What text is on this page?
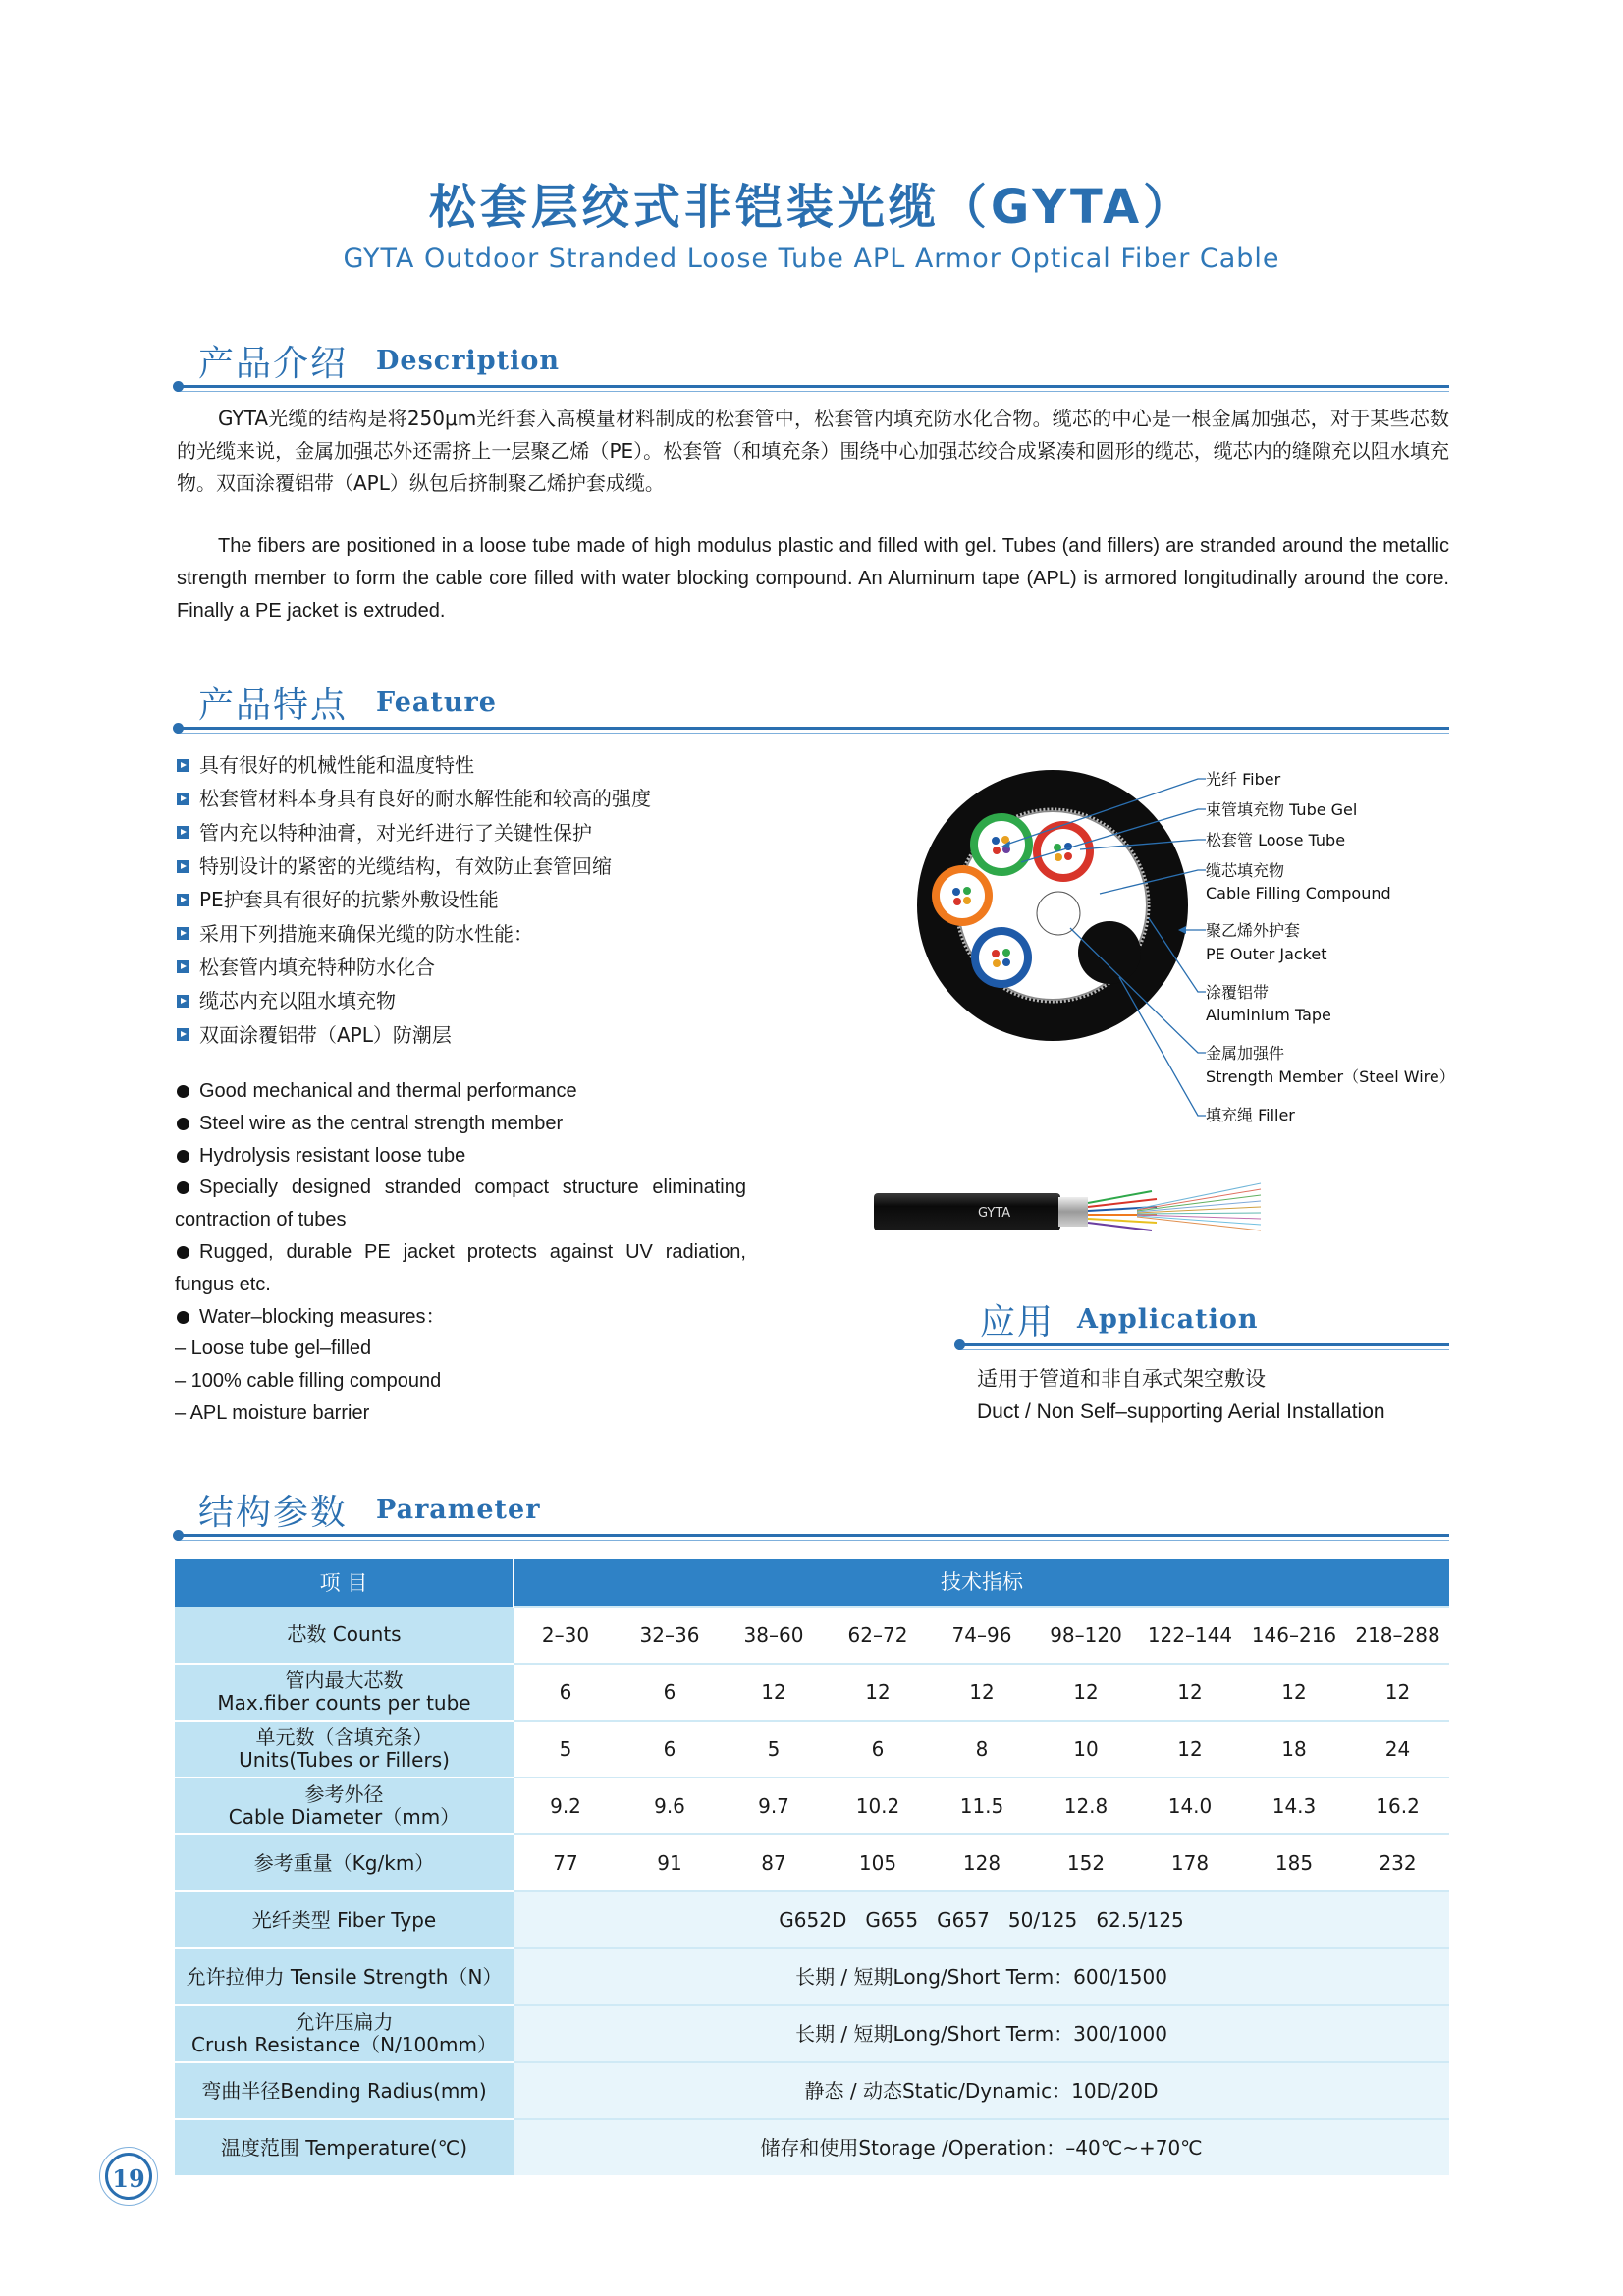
松套层绞式非铠装光缆（GYTA）
GYTA Outdoor Stranded Loose Tube APL Armor Optical Fiber Cable
产品介绍 Description
GYTA光缆的结构是将250μm光纤套入高模量材料制成的松套管中，松套管内填充防水化合物。缆芯的中心是一根金属加强芯，对于某些芯数的光缆来说，金属加强芯外还需挤上一层聚乙烯（PE）。松套管（和填充条）围绕中心加强芯绞合成紧凑和圆形的缆芯，缆芯内的缝隙充以阻水填充物。双面涂覆铝带（APL）纵包后挤制聚乙烯护套成缆。
The fibers are positioned in a loose tube made of high modulus plastic and filled with gel. Tubes (and fillers) are stranded around the metallic strength member to form the cable core filled with water blocking compound. An Aluminum tape (APL) is armored longitudinally around the core. Finally a PE jacket is extruded.
产品特点 Feature
具有很好的机械性能和温度特性
松套管材料本身具有良好的耐水解性能和较高的强度
管内充以特种油膏，对光纤进行了关键性保护
特别设计的紧密的光缆结构，有效防止套管回缩
PE护套具有很好的抗紫外敷设性能
采用下列措施来确保光缆的防水性能：
松套管内填充特种防水化合
缆芯内充以阻水填充物
双面涂覆铝带（APL）防潮层
Good mechanical and thermal performance
Steel wire as the central strength member
Hydrolysis resistant loose tube
Specially designed stranded compact structure eliminating contraction of tubes
Rugged, durable PE jacket protects against UV radiation, fungus etc.
Water–blocking measures：
– Loose tube gel–filled
– 100% cable filling compound
– APL moisture barrier
光纤 Fiber
束管填充物 Tube Gel
松套管 Loose Tube
缆芯填充物
Cable Filling Compound
聚乙烯外护套
PE Outer Jacket
涂覆铝带
Aluminium Tape
金属加强件
Strength Member（Steel Wire）
填充绳 Filler
GYTA
应用 Application
适用于管道和非自承式架空敷设
Duct / Non Self–supporting Aerial Installation
结构参数 Parameter
项 目	技术指标								
芯数 Counts	2–30	32–36	38–60	62–72	74–96	98–120	122–144	146–216	218–288

管内最大芯数
Max.fiber counts per tube	6	6	12	12	12	12	12	12	12

单元数（含填充条）
Units(Tubes or Fillers)	5	6	5	6	8	10	12	18	24

参考外径
Cable Diameter（mm）	9.2	9.6	9.7	10.2	11.5	12.8	14.0	14.3	16.2
参考重量（Kg/km）	77	91	87	105	128	152	178	185	232
光纤类型 Fiber Type	G652D   G655   G657   50/125   62.5/125								
允许拉伸力 Tensile Strength（N）	长期 / 短期Long/Short Term：600/1500								

允许压扁力
Crush Resistance（N/100mm）	长期 / 短期Long/Short Term：300/1000								
弯曲半径Bending Radius(mm)	静态 / 动态Static/Dynamic：10D/20D								
温度范围 Temperature(℃)	储存和使用Storage /Operation：–40℃~+70℃								
19
